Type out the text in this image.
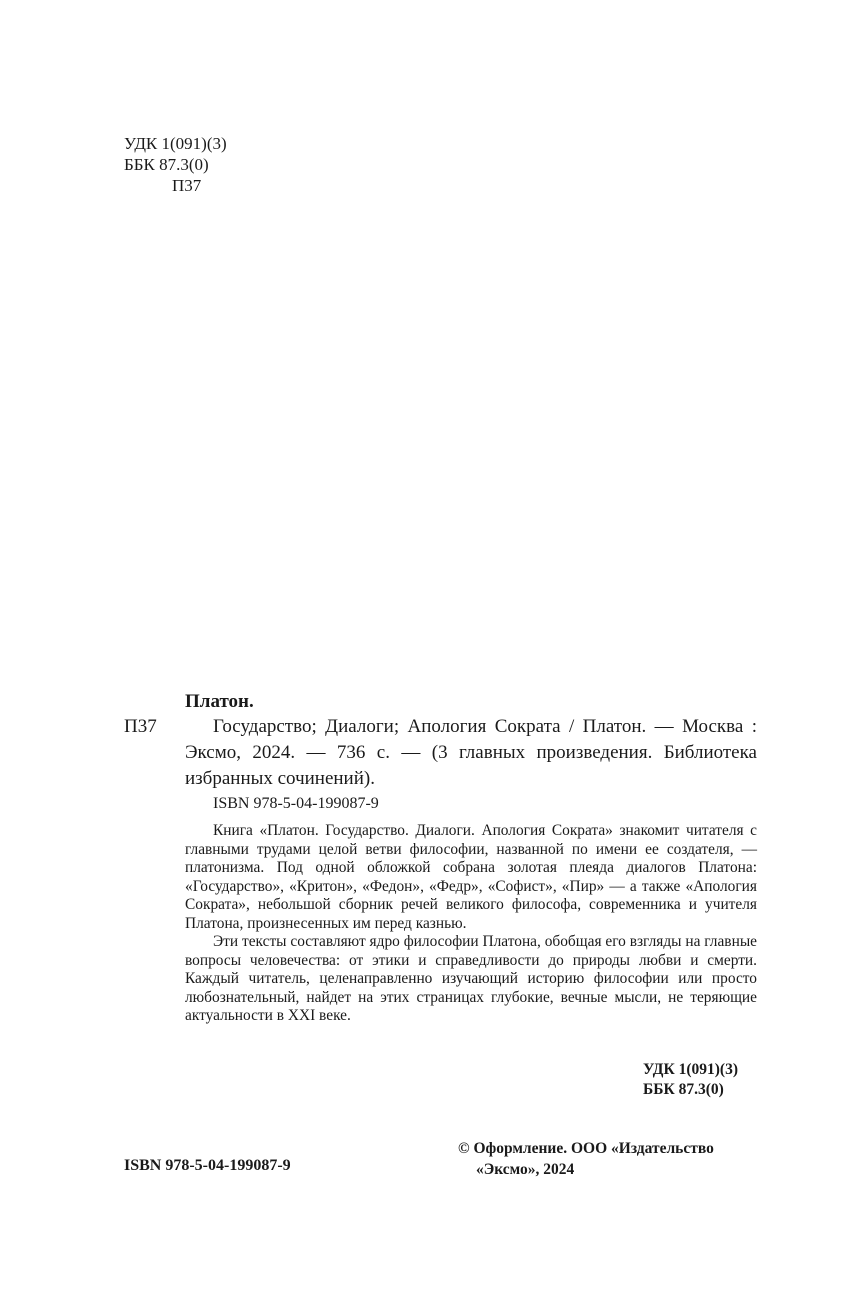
УДК 1(091)(3)
ББК 87.3(0)
П37
Платон.
П37	Государство; Диалоги; Апология Сократа / Платон. — Москва : Эксмо, 2024. — 736 с. — (3 главных произведения. Библиотека избранных сочинений).
ISBN 978-5-04-199087-9

Книга «Платон. Государство. Диалоги. Апология Сократа» знакомит читателя с главными трудами целой ветви философии, названной по имени ее создателя, — платонизма. Под одной обложкой собрана золотая плеяда диалогов Платона: «Государство», «Критон», «Федон», «Федр», «Софист», «Пир» — а также «Апология Сократа», небольшой сборник речей великого философа, современника и учителя Платона, произнесенных им перед казнью.

Эти тексты составляют ядро философии Платона, обобщая его взгляды на главные вопросы человечества: от этики и справедливости до природы любви и смерти. Каждый читатель, целенаправленно изучающий историю философии или просто любознательный, найдет на этих страницах глубокие, вечные мысли, не теряющие актуальности в XXI веке.

УДК 1(091)(3)
ББК 87.3(0)
ISBN 978-5-04-199087-9
© Оформление. ООО «Издательство
«Эксмо», 2024
